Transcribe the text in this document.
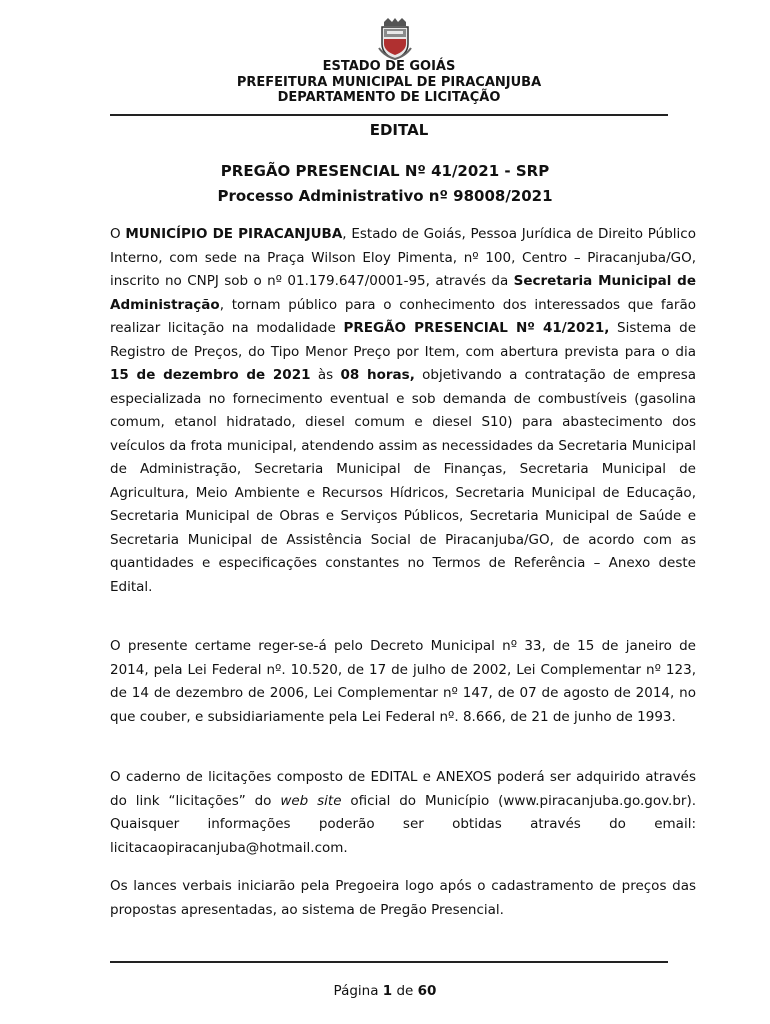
ESTADO DE GOIÁS
PREFEITURA MUNICIPAL DE PIRACANJUBA
DEPARTAMENTO DE LICITAÇÃO
EDITAL
PREGÃO PRESENCIAL Nº 41/2021 - SRP
Processo Administrativo nº 98008/2021

O MUNICÍPIO DE PIRACANJUBA, Estado de Goiás, Pessoa Jurídica de Direito Público Interno, com sede na Praça Wilson Eloy Pimenta, nº 100, Centro – Piracanjuba/GO, inscrito no CNPJ sob o nº 01.179.647/0001-95, através da Secretaria Municipal de Administração, tornam público para o conhecimento dos interessados que farão realizar licitação na modalidade PREGÃO PRESENCIAL Nº 41/2021, Sistema de Registro de Preços, do Tipo Menor Preço por Item, com abertura prevista para o dia 15 de dezembro de 2021 às 08 horas, objetivando a contratação de empresa especializada no fornecimento eventual e sob demanda de combustíveis (gasolina comum, etanol hidratado, diesel comum e diesel S10) para abastecimento dos veículos da frota municipal, atendendo assim as necessidades da Secretaria Municipal de Administração, Secretaria Municipal de Finanças, Secretaria Municipal de Agricultura, Meio Ambiente e Recursos Hídricos, Secretaria Municipal de Educação, Secretaria Municipal de Obras e Serviços Públicos, Secretaria Municipal de Saúde e Secretaria Municipal de Assistência Social de Piracanjuba/GO, de acordo com as quantidades e especificações constantes no Termos de Referência – Anexo deste Edital.

O presente certame reger-se-á pelo Decreto Municipal nº 33, de 15 de janeiro de 2014, pela Lei Federal nº. 10.520, de 17 de julho de 2002, Lei Complementar nº 123, de 14 de dezembro de 2006, Lei Complementar nº 147, de 07 de agosto de 2014, no que couber, e subsidiariamente pela Lei Federal nº. 8.666, de 21 de junho de 1993.

O caderno de licitações composto de EDITAL e ANEXOS poderá ser adquirido através do link “licitações” do web site oficial do Município (www.piracanjuba.go.gov.br). Quaisquer informações poderão ser obtidas através do email: licitacaopiracanjuba@hotmail.com.

Os lances verbais iniciarão pela Pregoeira logo após o cadastramento de preços das propostas apresentadas, ao sistema de Pregão Presencial.

Página 1 de 60
